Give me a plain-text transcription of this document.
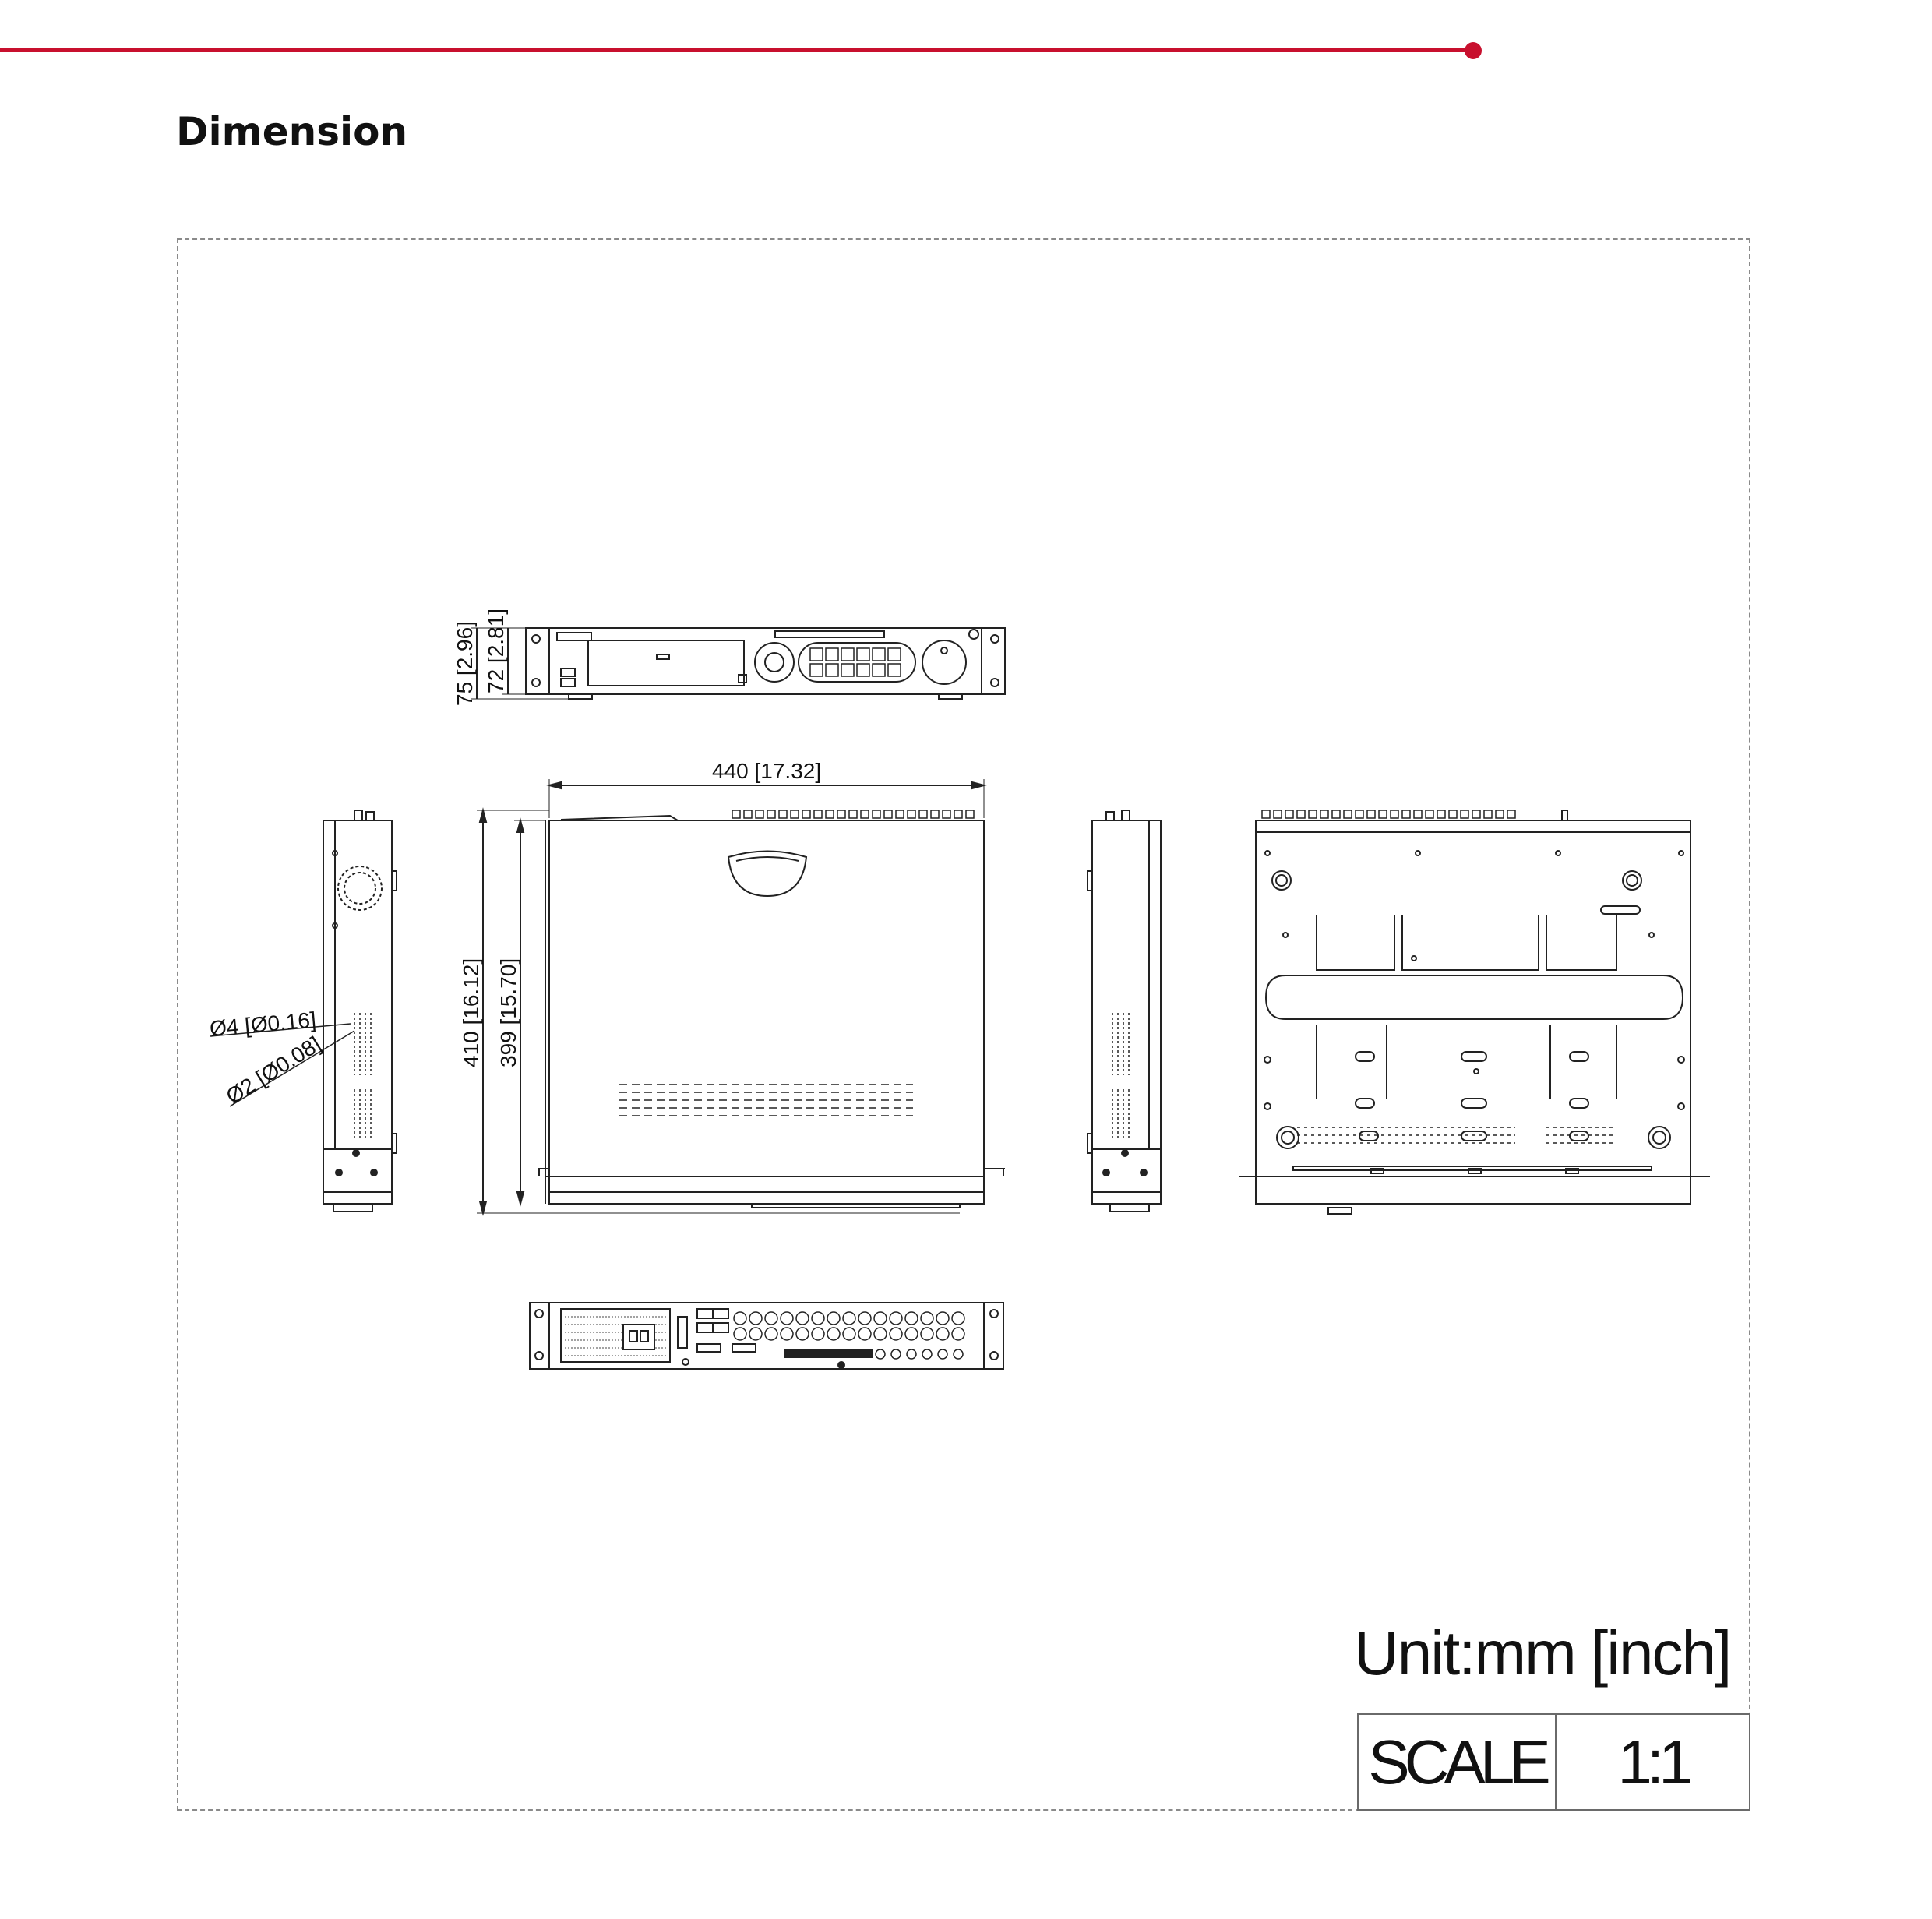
Dimension
75 [2.96] 72 [2.81]
440 [17.32]
410 [16.12] 399 [15.70]
Ø4 [Ø0.16]
Ø2 [Ø0.08]
Unit:mm [inch]
SCALE	1:1
